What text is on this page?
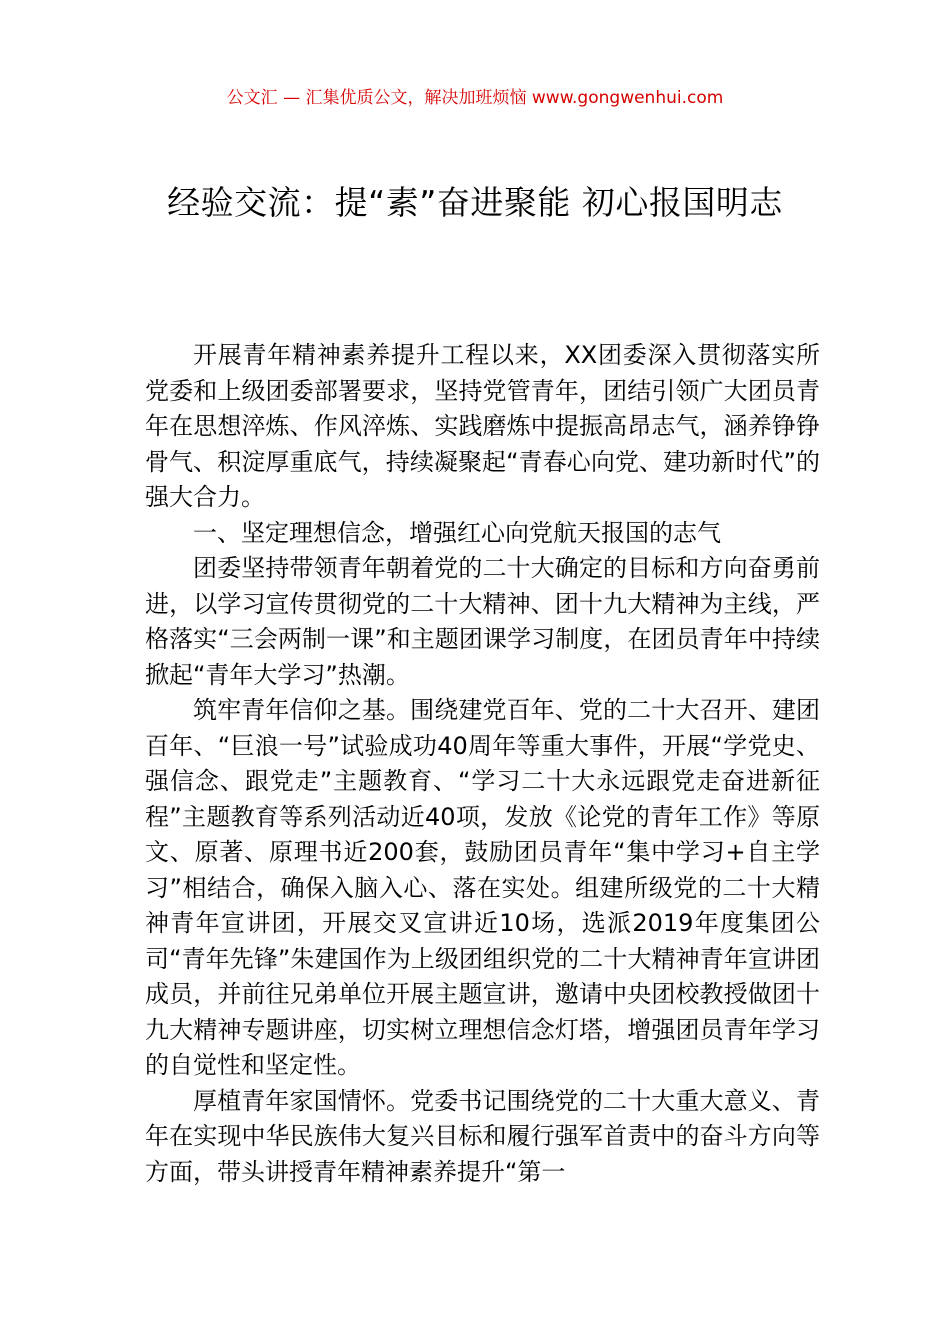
公文汇 — 汇集优质公文，解决加班烦恼 www.gongwenhui.com
经验交流：提“素”奋进聚能 初心报国明志

开展青年精神素养提升工程以来，XX团委深入贯彻落实所党委和上级团委部署要求，坚持党管青年，团结引领广大团员青年在思想淬炼、作风淬炼、实践磨炼中提振高昂志气，涵养铮铮骨气、积淀厚重底气，持续凝聚起“青春心向党、建功新时代”的强大合力。

一、坚定理想信念，增强红心向党航天报国的志气

团委坚持带领青年朝着党的二十大确定的目标和方向奋勇前进，以学习宣传贯彻党的二十大精神、团十九大精神为主线，严格落实“三会两制一课”和主题团课学习制度，在团员青年中持续掀起“青年大学习”热潮。

筑牢青年信仰之基。围绕建党百年、党的二十大召开、建团百年、“巨浪一号”试验成功40周年等重大事件，开展“学党史、强信念、跟党走”主题教育、“学习二十大永远跟党走奋进新征程”主题教育等系列活动近40项，发放《论党的青年工作》等原文、原著、原理书近200套，鼓励团员青年“集中学习+自主学习”相结合，确保入脑入心、落在实处。组建所级党的二十大精神青年宣讲团，开展交叉宣讲近10场，选派2019年度集团公司“青年先锋”朱建国作为上级团组织党的二十大精神青年宣讲团成员，并前往兄弟单位开展主题宣讲，邀请中央团校教授做团十九大精神专题讲座，切实树立理想信念灯塔，增强团员青年学习的自觉性和坚定性。

厚植青年家国情怀。党委书记围绕党的二十大重大意义、青年在实现中华民族伟大复兴目标和履行强军首责中的奋斗方向等方面，带头讲授青年精神素养提升“第一
